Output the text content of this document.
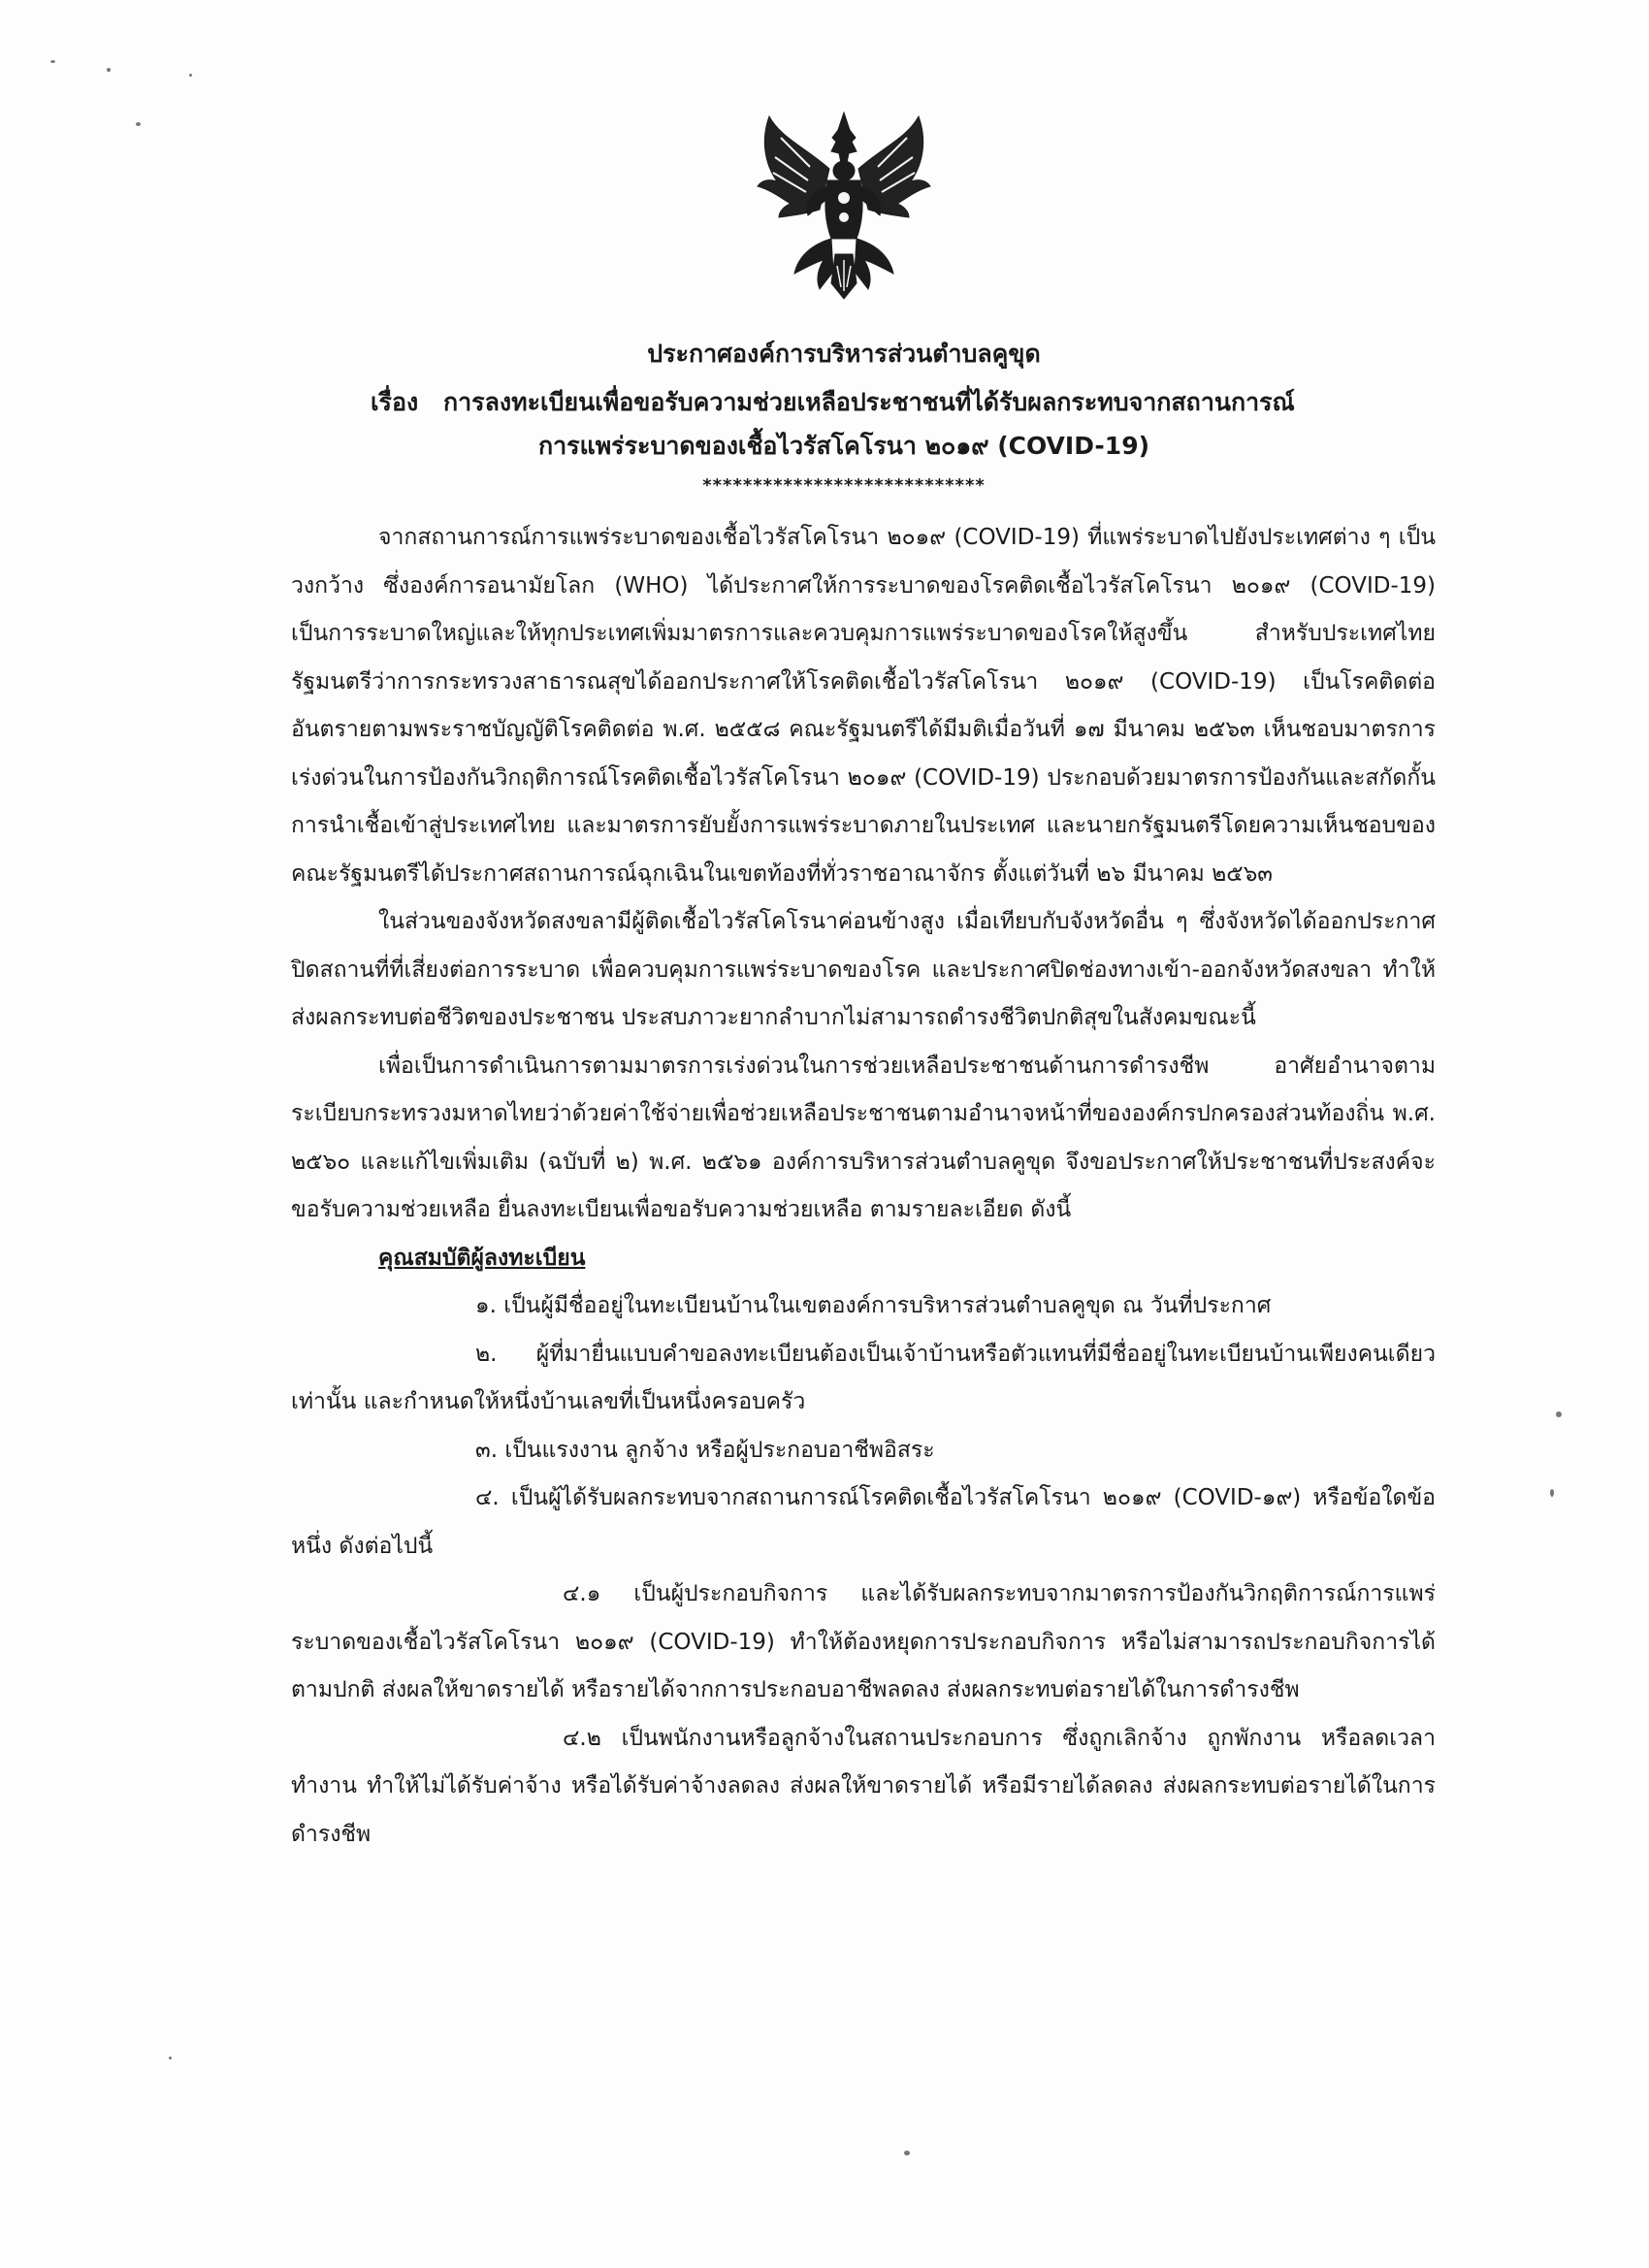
ประกาศองค์การบริหารส่วนตำบลคูขุด
เรื่อง การลงทะเบียนเพื่อขอรับความช่วยเหลือประชาชนที่ได้รับผลกระทบจากสถานการณ์
การแพร่ระบาดของเชื้อไวรัสโคโรนา ๒๐๑๙ (COVID-19)
****************************

จากสถานการณ์การแพร่ระบาดของเชื้อไวรัสโคโรนา ๒๐๑๙ (COVID-19) ที่แพร่ระบาดไปยังประเทศต่าง ๆ เป็นวงกว้าง ซึ่งองค์การอนามัยโลก (WHO) ได้ประกาศให้การระบาดของโรคติดเชื้อไวรัสโคโรนา ๒๐๑๙ (COVID-19) เป็นการระบาดใหญ่และให้ทุกประเทศเพิ่มมาตรการและควบคุมการแพร่ระบาดของโรคให้สูงขึ้น สำหรับประเทศไทย รัฐมนตรีว่าการกระทรวงสาธารณสุขได้ออกประกาศให้โรคติดเชื้อไวรัสโคโรนา ๒๐๑๙ (COVID-19) เป็นโรคติดต่ออันตรายตามพระราชบัญญัติโรคติดต่อ พ.ศ. ๒๕๕๘ คณะรัฐมนตรีได้มีมติเมื่อวันที่ ๑๗ มีนาคม ๒๕๖๓ เห็นชอบมาตรการเร่งด่วนในการป้องกันวิกฤติการณ์โรคติดเชื้อไวรัสโคโรนา ๒๐๑๙ (COVID-19) ประกอบด้วยมาตรการป้องกันและสกัดกั้นการนำเชื้อเข้าสู่ประเทศไทย และมาตรการยับยั้งการแพร่ระบาดภายในประเทศ และนายกรัฐมนตรีโดยความเห็นชอบของคณะรัฐมนตรีได้ประกาศสถานการณ์ฉุกเฉินในเขตท้องที่ทั่วราชอาณาจักร ตั้งแต่วันที่ ๒๖ มีนาคม ๒๕๖๓

ในส่วนของจังหวัดสงขลามีผู้ติดเชื้อไวรัสโคโรนาค่อนข้างสูง เมื่อเทียบกับจังหวัดอื่น ๆ ซึ่งจังหวัดได้ออกประกาศปิดสถานที่ที่เสี่ยงต่อการระบาด เพื่อควบคุมการแพร่ระบาดของโรค และประกาศปิดช่องทางเข้า-ออกจังหวัดสงขลา ทำให้ส่งผลกระทบต่อชีวิตของประชาชน ประสบภาวะยากลำบากไม่สามารถดำรงชีวิตปกติสุขในสังคมขณะนี้

เพื่อเป็นการดำเนินการตามมาตรการเร่งด่วนในการช่วยเหลือประชาชนด้านการดำรงชีพ อาศัยอำนาจตามระเบียบกระทรวงมหาดไทยว่าด้วยค่าใช้จ่ายเพื่อช่วยเหลือประชาชนตามอำนาจหน้าที่ขององค์กรปกครองส่วนท้องถิ่น พ.ศ. ๒๕๖๐ และแก้ไขเพิ่มเติม (ฉบับที่ ๒) พ.ศ. ๒๕๖๑ องค์การบริหารส่วนตำบลคูขุด จึงขอประกาศให้ประชาชนที่ประสงค์จะขอรับความช่วยเหลือ ยื่นลงทะเบียนเพื่อขอรับความช่วยเหลือ ตามรายละเอียด ดังนี้

คุณสมบัติผู้ลงทะเบียน

๑. เป็นผู้มีชื่ออยู่ในทะเบียนบ้านในเขตองค์การบริหารส่วนตำบลคูขุด ณ วันที่ประกาศ

๒. ผู้ที่มายื่นแบบคำขอลงทะเบียนต้องเป็นเจ้าบ้านหรือตัวแทนที่มีชื่ออยู่ในทะเบียนบ้านเพียงคนเดียวเท่านั้น และกำหนดให้หนึ่งบ้านเลขที่เป็นหนึ่งครอบครัว

๓. เป็นแรงงาน ลูกจ้าง หรือผู้ประกอบอาชีพอิสระ

๔. เป็นผู้ได้รับผลกระทบจากสถานการณ์โรคติดเชื้อไวรัสโคโรนา ๒๐๑๙ (COVID-๑๙) หรือข้อใดข้อหนึ่ง ดังต่อไปนี้

๔.๑ เป็นผู้ประกอบกิจการ และได้รับผลกระทบจากมาตรการป้องกันวิกฤติการณ์การแพร่ระบาดของเชื้อไวรัสโคโรนา ๒๐๑๙ (COVID-19) ทำให้ต้องหยุดการประกอบกิจการ หรือไม่สามารถประกอบกิจการได้ตามปกติ ส่งผลให้ขาดรายได้ หรือรายได้จากการประกอบอาชีพลดลง ส่งผลกระทบต่อรายได้ในการดำรงชีพ

๔.๒ เป็นพนักงานหรือลูกจ้างในสถานประกอบการ ซึ่งถูกเลิกจ้าง ถูกพักงาน หรือลดเวลาทำงาน ทำให้ไม่ได้รับค่าจ้าง หรือได้รับค่าจ้างลดลง ส่งผลให้ขาดรายได้ หรือมีรายได้ลดลง ส่งผลกระทบต่อรายได้ในการดำรงชีพ
